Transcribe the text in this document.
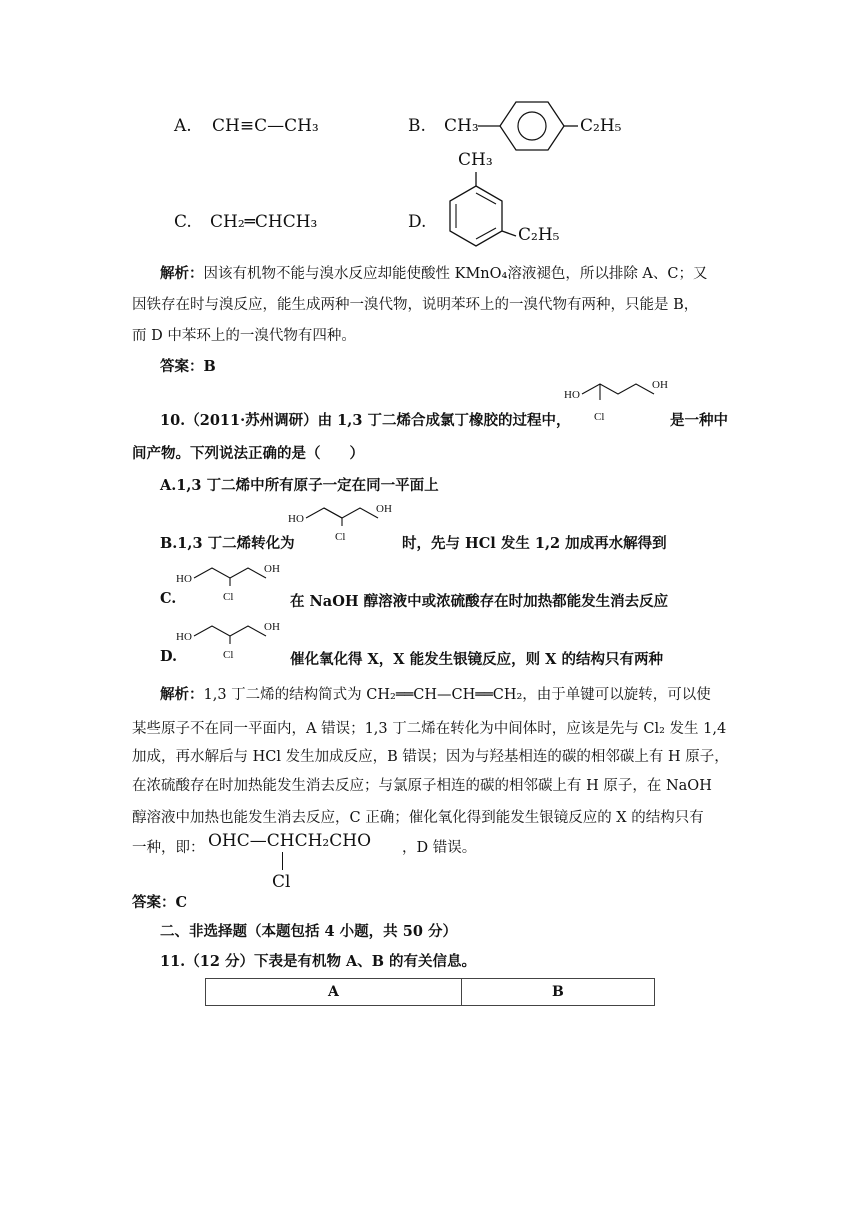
A. CH≡C—CH₃	B. CH₃	C₂H₅
C. CH₂═CHCH₃	D.
CH₃
C₂H₅
解析：因该有机物不能与溴水反应却能使酸性 KMnO₄溶液褪色，所以排除 A、C；又
因铁存在时与溴反应，能生成两种一溴代物，说明苯环上的一溴代物有两种，只能是 B，
而 D 中苯环上的一溴代物有四种。
答案：B
10.（2011·苏州调研）由 1,3 丁二烯合成氯丁橡胶的过程中，
HO
Cl
OH
是一种中
间产物。下列说法正确的是（　　）
A.1,3 丁二烯中所有原子一定在同一平面上
B.1,3 丁二烯转化为
HO
Cl
OH
时，先与 HCl 发生 1,2 加成再水解得到
C.
HO
Cl
OH
在 NaOH 醇溶液中或浓硫酸存在时加热都能发生消去反应
D.
HO
Cl
OH
催化氧化得 X，X 能发生银镜反应，则 X 的结构只有两种
解析：1,3 丁二烯的结构简式为 CH₂══CH—CH══CH₂，由于单键可以旋转，可以使
某些原子不在同一平面内，A 错误；1,3 丁二烯在转化为中间体时，应该是先与 Cl₂ 发生 1,4
加成，再水解后与 HCl 发生加成反应，B 错误；因为与羟基相连的碳的相邻碳上有 H 原子，
在浓硫酸存在时加热能发生消去反应；与氯原子相连的碳的相邻碳上有 H 原子，在 NaOH
醇溶液中加热也能发生消去反应，C 正确；催化氧化得到能发生银镜反应的 X 的结构只有
一种，即： OHC—CHCH₂CHO
Cl
，D 错误。
答案：C
二、非选择题（本题包括 4 小题，共 50 分）
11.（12 分）下表是有机物 A、B 的有关信息。
A	B
